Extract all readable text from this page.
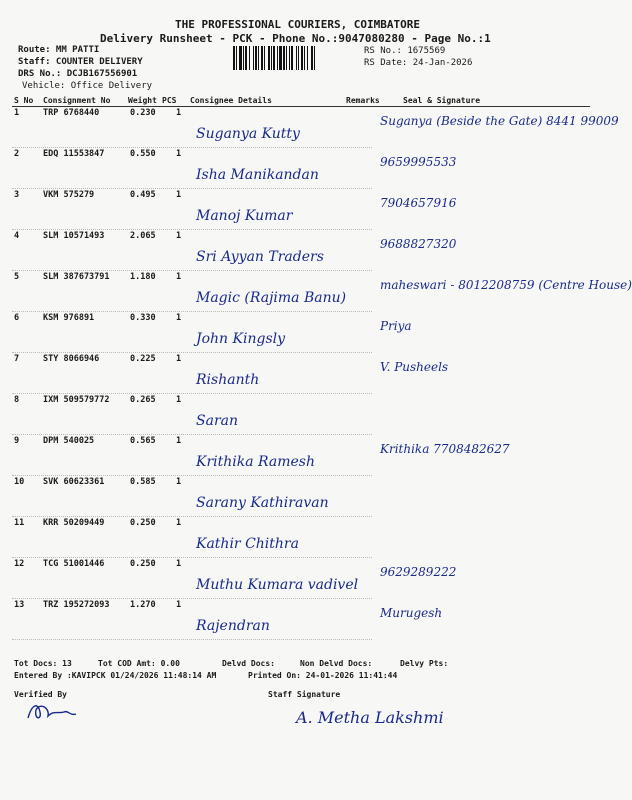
THE PROFESSIONAL COURIERS, COIMBATORE
Delivery Runsheet - PCK - Phone No.:9047080280 - Page No.:1
Route: MM PATTI
Staff: COUNTER DELIVERY
DRS No.: DCJB167556901
Vehicle: Office Delivery
RS No.: 1675569
RS Date: 24-Jan-2026
S No Consignment No Weight PCS Consignee Details	Remarks	Seal & Signature
1	TRP 6768440	0.230 1
Suganya Kutty
Suganya (Beside the Gate) 8441 99009
2	EDQ 11553847	0.550 1
Isha Manikandan
9659995533
3	VKM 575279	0.495 1
Manoj Kumar
7904657916
4	SLM 10571493	2.065 1
Sri Ayyan Traders
9688827320
5	SLM 387673791 1.180 1
Magic (Rajima Banu)
maheswari - 8012208759 (Centre House)
6	KSM 976891	0.330 1
John Kingsly
Priya
7	STY 8066946	0.225 1
Rishanth
V. Pusheels
8	IXM 509579772 0.265 1
Saran
9	DPM 540025	0.565 1
Krithika Ramesh
Krithika 7708482627
10 SVK 60623361	0.585 1
Sarany Kathiravan
11 KRR 50209449	0.250 1
Kathir Chithra
12 TCG 51001446	0.250 1
Muthu Kumara vadivel
9629289222
13 TRZ 195272093 1.270 1
Rajendran
Murugesh
Tot Docs: 13	Tot COD Amt: 0.00	Delvd Docs:	Non Delvd Docs:	Delvy Pts:
Entered By :KAVIPCK 01/24/2026 11:48:14 AM	Printed On: 24-01-2026 11:41:44
Verified By	Staff Signature
A. Metha Lakshmi
